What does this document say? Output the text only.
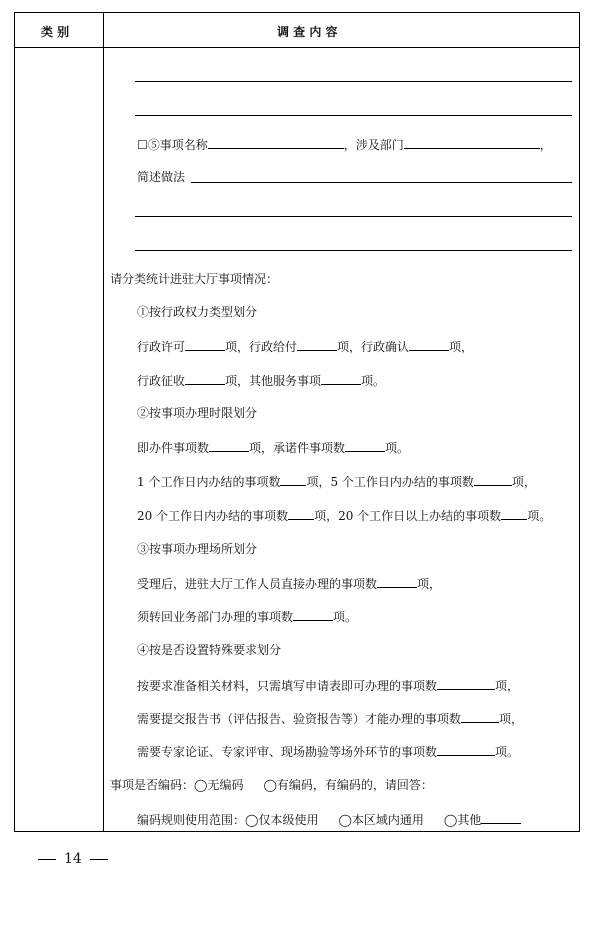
类 别	调 查 内 容
☐⑤事项名称	，涉及部门	，
简述做法
请分类统计进驻大厅事项情况：
①按行政权力类型划分
行政许可	项，行政给付	项，行政确认	项，
行政征收	项，其他服务事项	项。
②按事项办理时限划分
即办件事项数	项，承诺件事项数	项。
1 个工作日内办结的事项数 项，5 个工作日内办结的事项数	项，
20 个工作日内办结的事项数 项，20 个工作日以上办结的事项数 项。
③按事项办理场所划分
受理后，进驻大厅工作人员直接办理的事项数	项，
须转回业务部门办理的事项数	项。
④按是否设置特殊要求划分
按要求准备相关材料，只需填写申请表即可办理的事项数	项，
需要提交报告书（评估报告、验资报告等）才能办理的事项数	项，
需要专家论证、专家评审、现场勘验等场外环节的事项数	项。
事项是否编码：◯无编码 ◯有编码，有编码的，请回答：
编码规则使用范围：◯仅本级使用 ◯本区域内通用 ◯其他
14
